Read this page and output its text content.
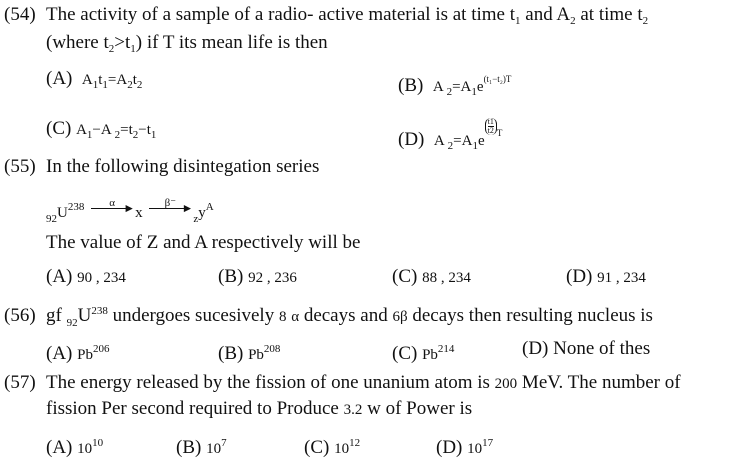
(54) The activity of a sample of a radio- active material is at time $t_1$ and $A_2$ at time $t_2$
(where $t_2>t_1$) if T its mean life is then
(A) $A_1t_1=A_2t_2$	(B) A $_2=A_1e^{(t_1-t_2)T}$
(C) $A_1-A$ $_2=t_2-t_1$	(D) A $_2=A_1e$
$\frac{t1}{t2} ^T$
(55) In the following disintegation series
$_{92}U^{238}$	α ► x
β⁻ ►
$_zy^A$
The value of Z and A respectively will be
(A) 90 , 234	(B) 92 , 236	(C) 88 , 234	(D) 91 , 234
(56) gf $_{92}U^{238}$ undergoes sucesively 8 α decays and 6β decays then resulting nucleus is
(A) Pb$^{206}$	(B) Pb$^{208}$	(C) Pb$^{214}$	(D) None of thes
(57) The energy released by the fission of one unanium atom is 200 MeV. The number of
fission Per second required to Produce 3.2 w of Power is
(A) $10^{10}$	(B) $10^7$	(C) $10^{12}$	(D) $10^{17}$
